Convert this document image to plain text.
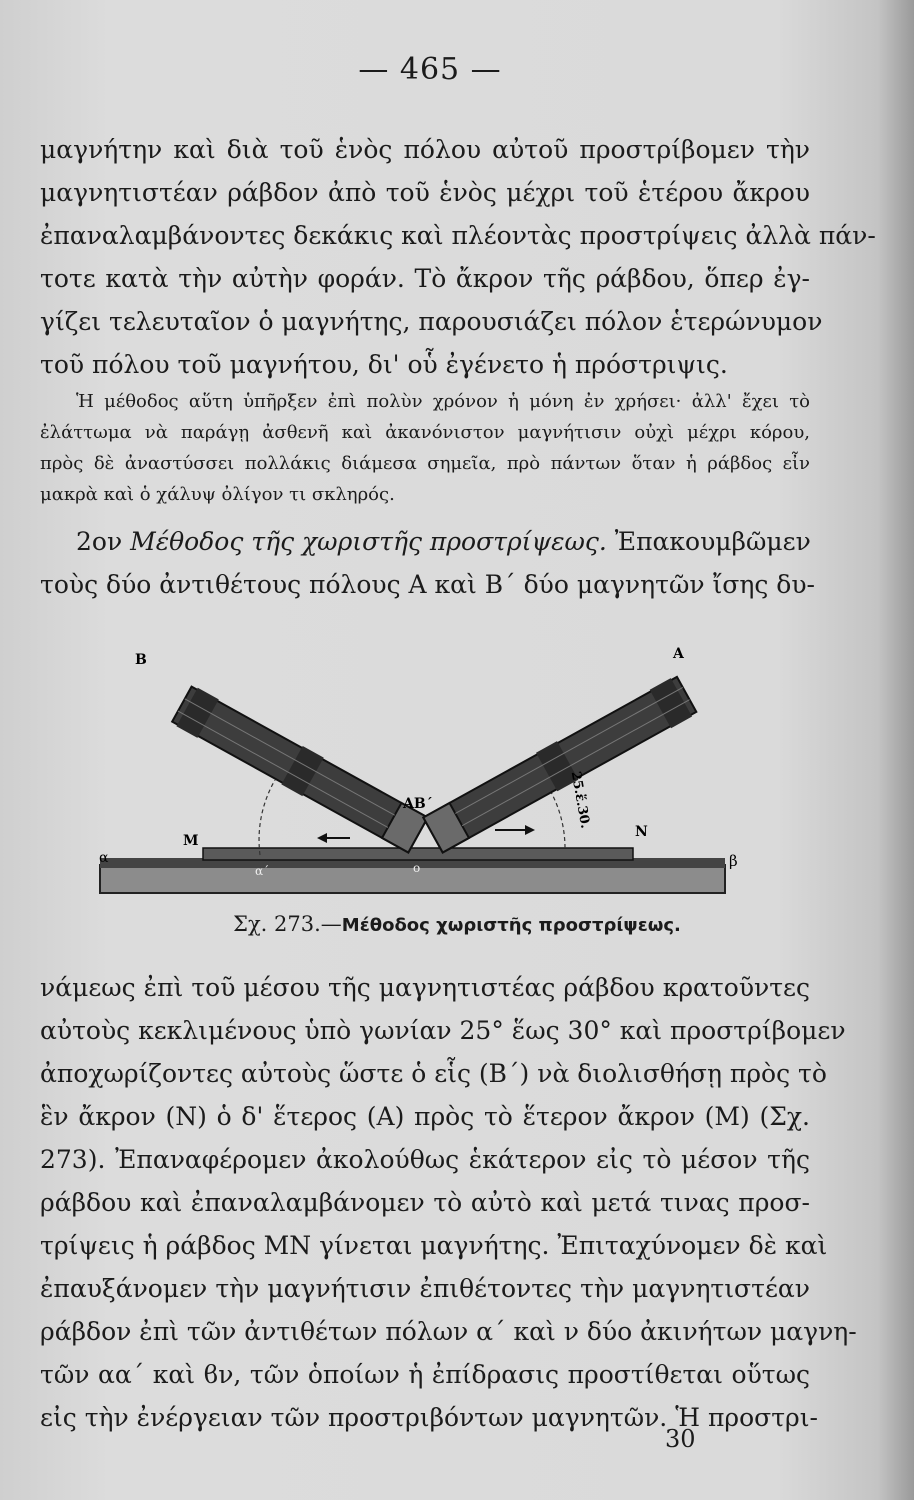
— 465 —
μαγνήτην καὶ διὰ τοῦ ἑνὸς πόλου αὐτοῦ προστρίβομεν τὴν
μαγνητιστέαν ράβδον ἀπὸ τοῦ ἑνὸς μέχρι τοῦ ἑτέρου ἄκρου
ἐπαναλαμβάνοντες δεκάκις καὶ πλέοντὰς προστρίψεις ἀλλὰ πάν-
τοτε κατὰ τὴν αὐτὴν φοράν. Τὸ ἄκρον τῆς ράβδου, ὅπερ ἐγ-
γίζει τελευταῖον ὁ μαγνήτης, παρουσιάζει πόλον ἑτερώνυμον
τοῦ πόλου τοῦ μαγνήτου, δι' οὗ ἐγένετο ἡ πρόστριψις.
Ἡ μέθοδος αὕτη ὑπῆρξεν ἐπὶ πολὺν χρόνον ἡ μόνη ἐν χρήσει· ἀλλ' ἔχει τὸ
ἐλάττωμα νὰ παράγῃ ἀσθενῆ καὶ ἀκανόνιστον μαγνήτισιν οὐχὶ μέχρι κόρου,
πρὸς δὲ ἀναστύσσει πολλάκις διάμεσα σημεῖα, πρὸ πάντων ὅταν ἡ ράβδος εἶν
μακρὰ καὶ ὁ χάλυψ ὀλίγον τι σκληρός.
2ον Μέθοδος τῆς χωριστῆς προστρίψεως. Ἐπακουμβῶμεν
τοὺς δύο ἀντιθέτους πόλους Α καὶ Β΄ δύο μαγνητῶν ἴσης δυ-
Β	Α
ΑΒ΄	25.ἕ.30.
M
N
α	β
α΄	o
Σχ. 273.—Μέθοδος χωριστῆς προστρίψεως.
νάμεως ἐπὶ τοῦ μέσου τῆς μαγνητιστέας ράβδου κρατοῦντες
αὐτοὺς κεκλιμένους ὑπὸ γωνίαν 25° ἕως 30° καὶ προστρίβομεν
ἀποχωρίζοντες αὐτοὺς ὥστε ὁ εἷς (Β΄) νὰ διολισθήσῃ πρὸς τὸ
ἓν ἄκρον (Ν) ὁ δ' ἕτερος (Α) πρὸς τὸ ἕτερον ἄκρον (Μ) (Σχ.
273). Ἐπαναφέρομεν ἀκολούθως ἑκάτερον εἰς τὸ μέσον τῆς
ράβδου καὶ ἐπαναλαμβάνομεν τὸ αὐτὸ καὶ μετά τινας προσ-
τρίψεις ἡ ράβδος ΜΝ γίνεται μαγνήτης. Ἐπιταχύνομεν δὲ καὶ
ἐπαυξάνομεν τὴν μαγνήτισιν ἐπιθέτοντες τὴν μαγνητιστέαν
ράβδον ἐπὶ τῶν ἀντιθέτων πόλων α΄ καὶ ν δύο ἀκινήτων μαγνη-
τῶν αα΄ καὶ ϐν, τῶν ὁποίων ἡ ἐπίδρασις προστίθεται οὕτως
εἰς τὴν ἐνέργειαν τῶν προστριβόντων μαγνητῶν. Ἡ προστρι-
30
